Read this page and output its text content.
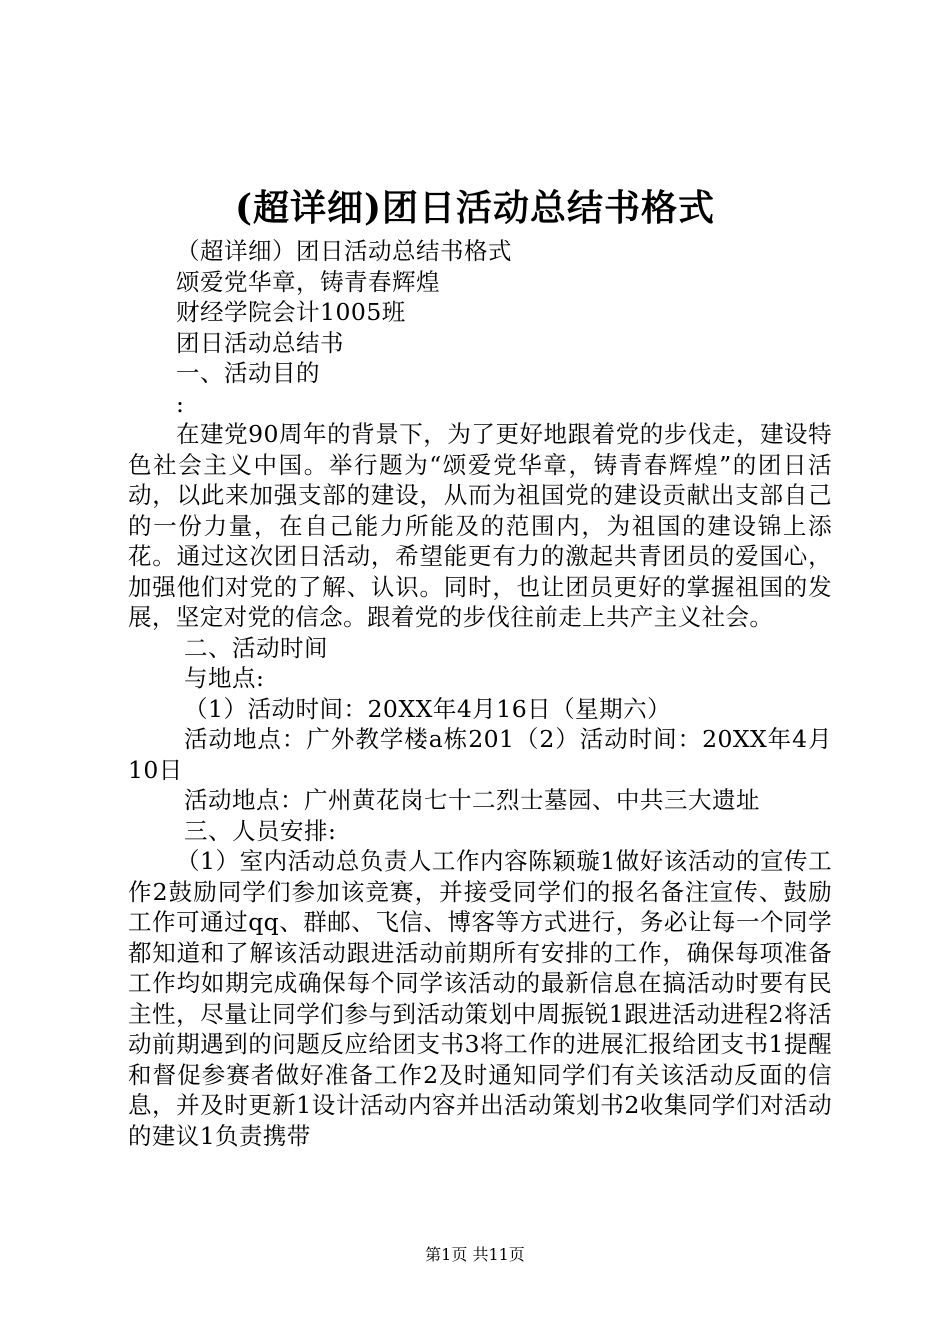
(超详细)团日活动总结书格式
（超详细）团日活动总结书格式
颂爱党华章，铸青春辉煌
财经学院会计1005班
团日活动总结书
一、活动目的
:
在建党90周年的背景下，为了更好地跟着党的步伐走，建设特色社会主义中国。举行题为“颂爱党华章，铸青春辉煌”的团日活动，以此来加强支部的建设，从而为祖国党的建设贡献出支部自己的一份力量，在自己能力所能及的范围内，为祖国的建设锦上添花。通过这次团日活动，希望能更有力的激起共青团员的爱国心，加强他们对党的了解、认识。同时，也让团员更好的掌握祖国的发展，坚定对党的信念。跟着党的步伐往前走上共产主义社会。
二、活动时间
与地点:
（1）活动时间：20XX年4月16日（星期六）
活动地点：广外教学楼a栋201（2）活动时间：20XX年4月10日
活动地点：广州黄花岗七十二烈士墓园、中共三大遗址
三、人员安排:
（1）室内活动总负责人工作内容陈颖璇1做好该活动的宣传工作2鼓励同学们参加该竞赛，并接受同学们的报名备注宣传、鼓励工作可通过qq、群邮、飞信、博客等方式进行，务必让每一个同学都知道和了解该活动跟进活动前期所有安排的工作，确保每项准备工作均如期完成确保每个同学该活动的最新信息在搞活动时要有民主性，尽量让同学们参与到活动策划中周振锐1跟进活动进程2将活动前期遇到的问题反应给团支书3将工作的进展汇报给团支书1提醒和督促参赛者做好准备工作2及时通知同学们有关该活动反面的信息，并及时更新1设计活动内容并出活动策划书2收集同学们对活动的建议1负责携带
第1页 共11页
